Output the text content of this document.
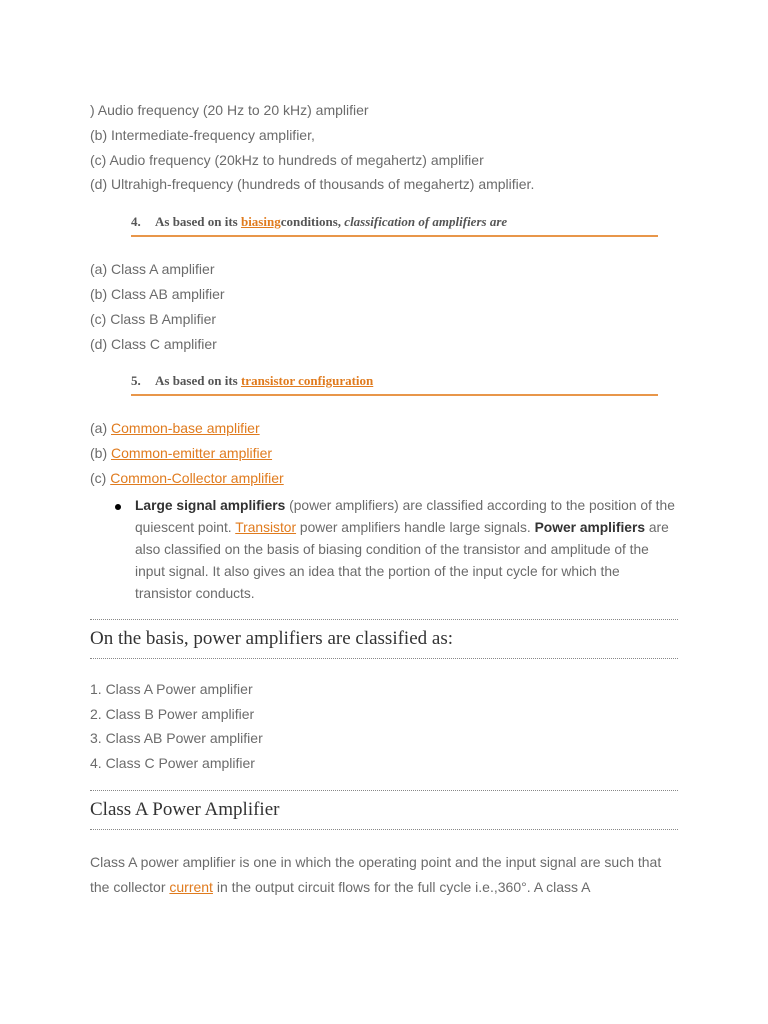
) Audio frequency (20 Hz to 20 kHz) amplifier
(b) Intermediate-frequency amplifier,
(c) Audio frequency (20kHz to hundreds of megahertz) amplifier
(d) Ultrahigh-frequency (hundreds of thousands of megahertz) amplifier.
4.	As based on its
biasing conditions,
classification of amplifiers are
(a) Class A amplifier
(b) Class AB amplifier
(c) Class B Amplifier
(d) Class C amplifier
5.	As based on its
transistor configuration
(a) Common-base amplifier
(b) Common-emitter amplifier
(c) Common-Collector amplifier
Large signal amplifiers (power amplifiers) are classified according to the position of the quiescent point. Transistor power amplifiers handle large signals. Power amplifiers are also classified on the basis of biasing condition of the transistor and amplitude of the input signal. It also gives an idea that the portion of the input cycle for which the transistor conducts.
On the basis, power amplifiers are classified as:
1. Class A Power amplifier
2. Class B Power amplifier
3. Class AB Power amplifier
4. Class C Power amplifier
Class A Power Amplifier
Class A power amplifier is one in which the operating point and the input signal are such that the collector current in the output circuit flows for the full cycle i.e.,360°. A class A
